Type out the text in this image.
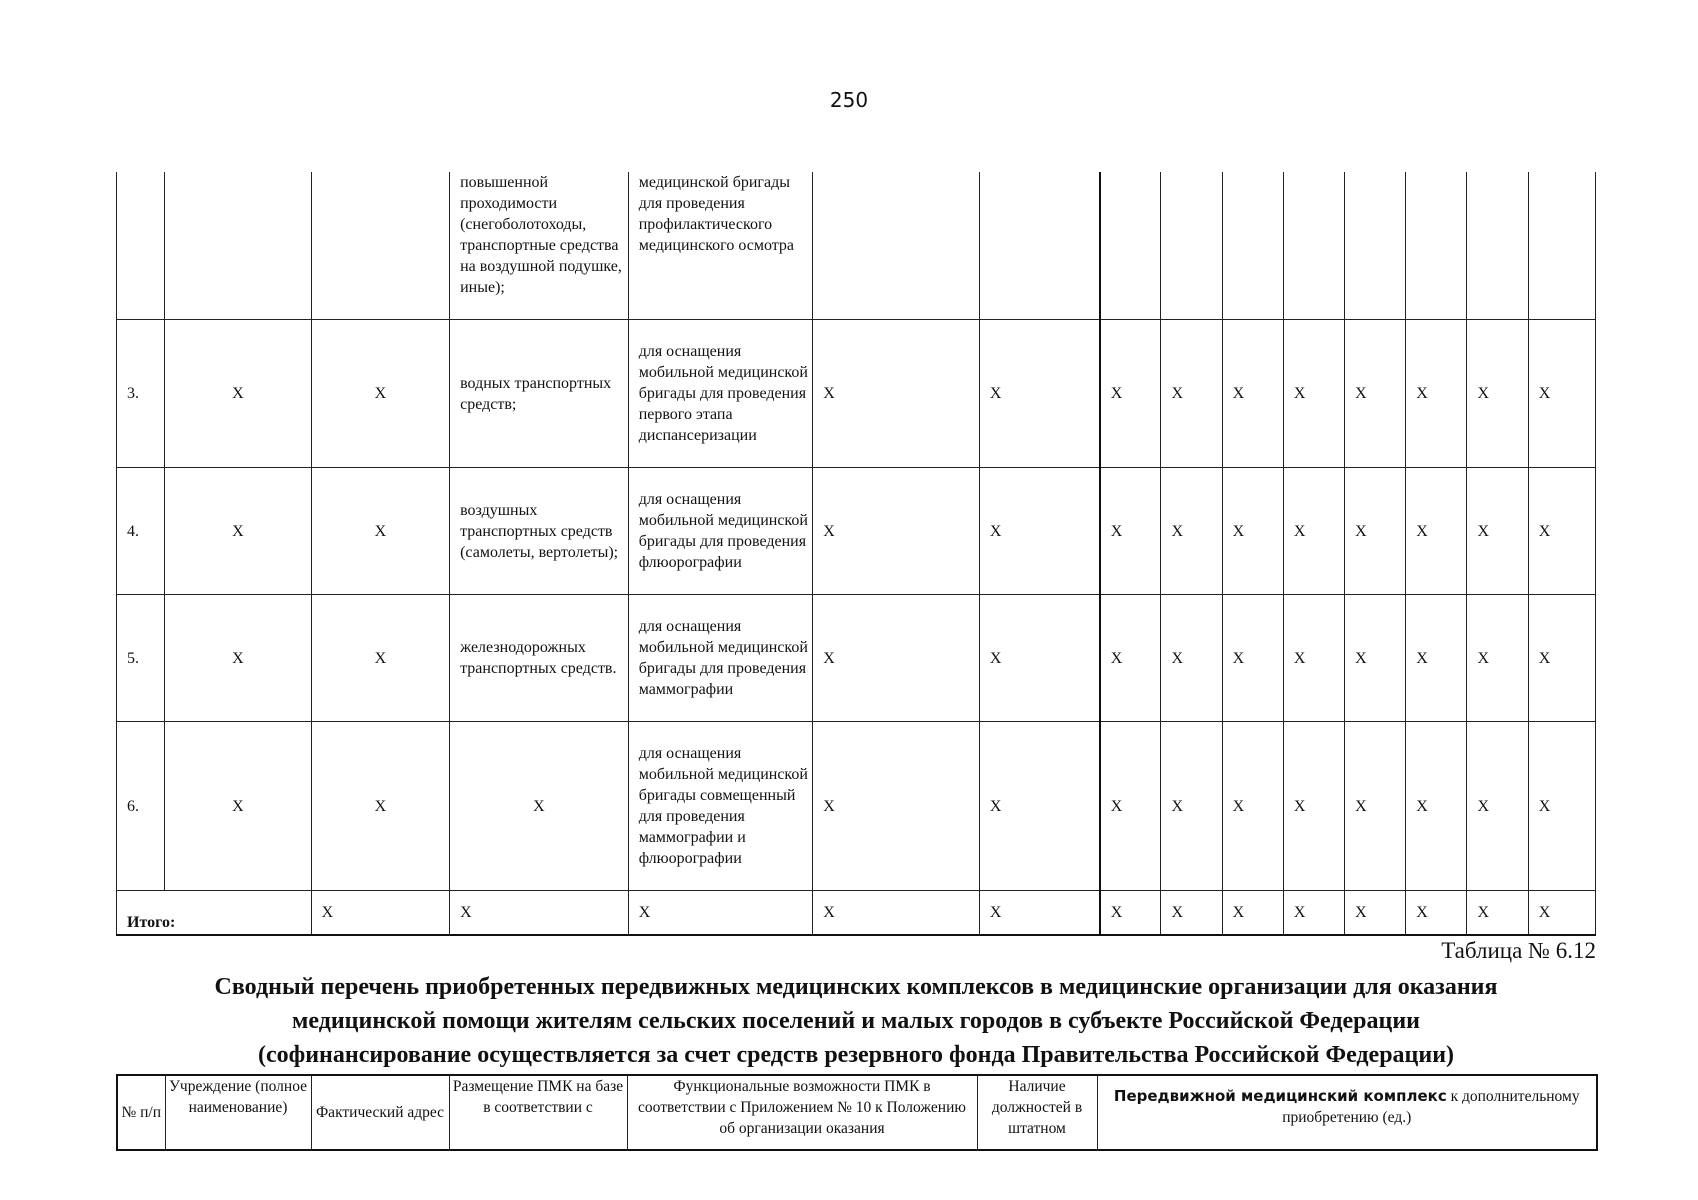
250
			повышенной проходимости (снегоболотоходы, транспортные средства на воздушной подушке, иные);	медицинской бригады для проведения профилактического медицинского осмотра										
3.	X	X	водных транспортных средств;	для оснащения мобильной медицинской бригады для проведения первого этапа диспансеризации	X	X	X	X	X	X	X	X	X	X
4.	X	X	воздушных транспортных средств (самолеты, вертолеты);	для оснащения мобильной медицинской бригады для проведения флюорографии	X	X	X	X	X	X	X	X	X	X
5.	X	X	железнодорожных транспортных средств.	для оснащения мобильной медицинской бригады для проведения маммографии	X	X	X	X	X	X	X	X	X	X
6.	X	X	X	для оснащения мобильной медицинской бригады совмещенный для проведения маммографии и флюорографии	X	X	X	X	X	X	X	X	X	X
Итого:		X	X	X	X	X	X	X	X	X	X	X	X	X
Таблица № 6.12
Сводный перечень приобретенных передвижных медицинских комплексов в медицинские организации для оказания
медицинской помощи жителям сельских поселений и малых городов в субъекте Российской Федерации
(софинансирование осуществляется за счет средств резервного фонда Правительства Российской Федерации)
№ п/п	Учреждение (полное наименование)	Фактический адрес	Размещение ПМК на базе в соответствии с	Функциональные возможности ПМК в соответствии с Приложением № 10 к Положению об организации оказания	Наличие должностей в штатном	Передвижной медицинский комплекс к дополнительному приобретению (ед.)
